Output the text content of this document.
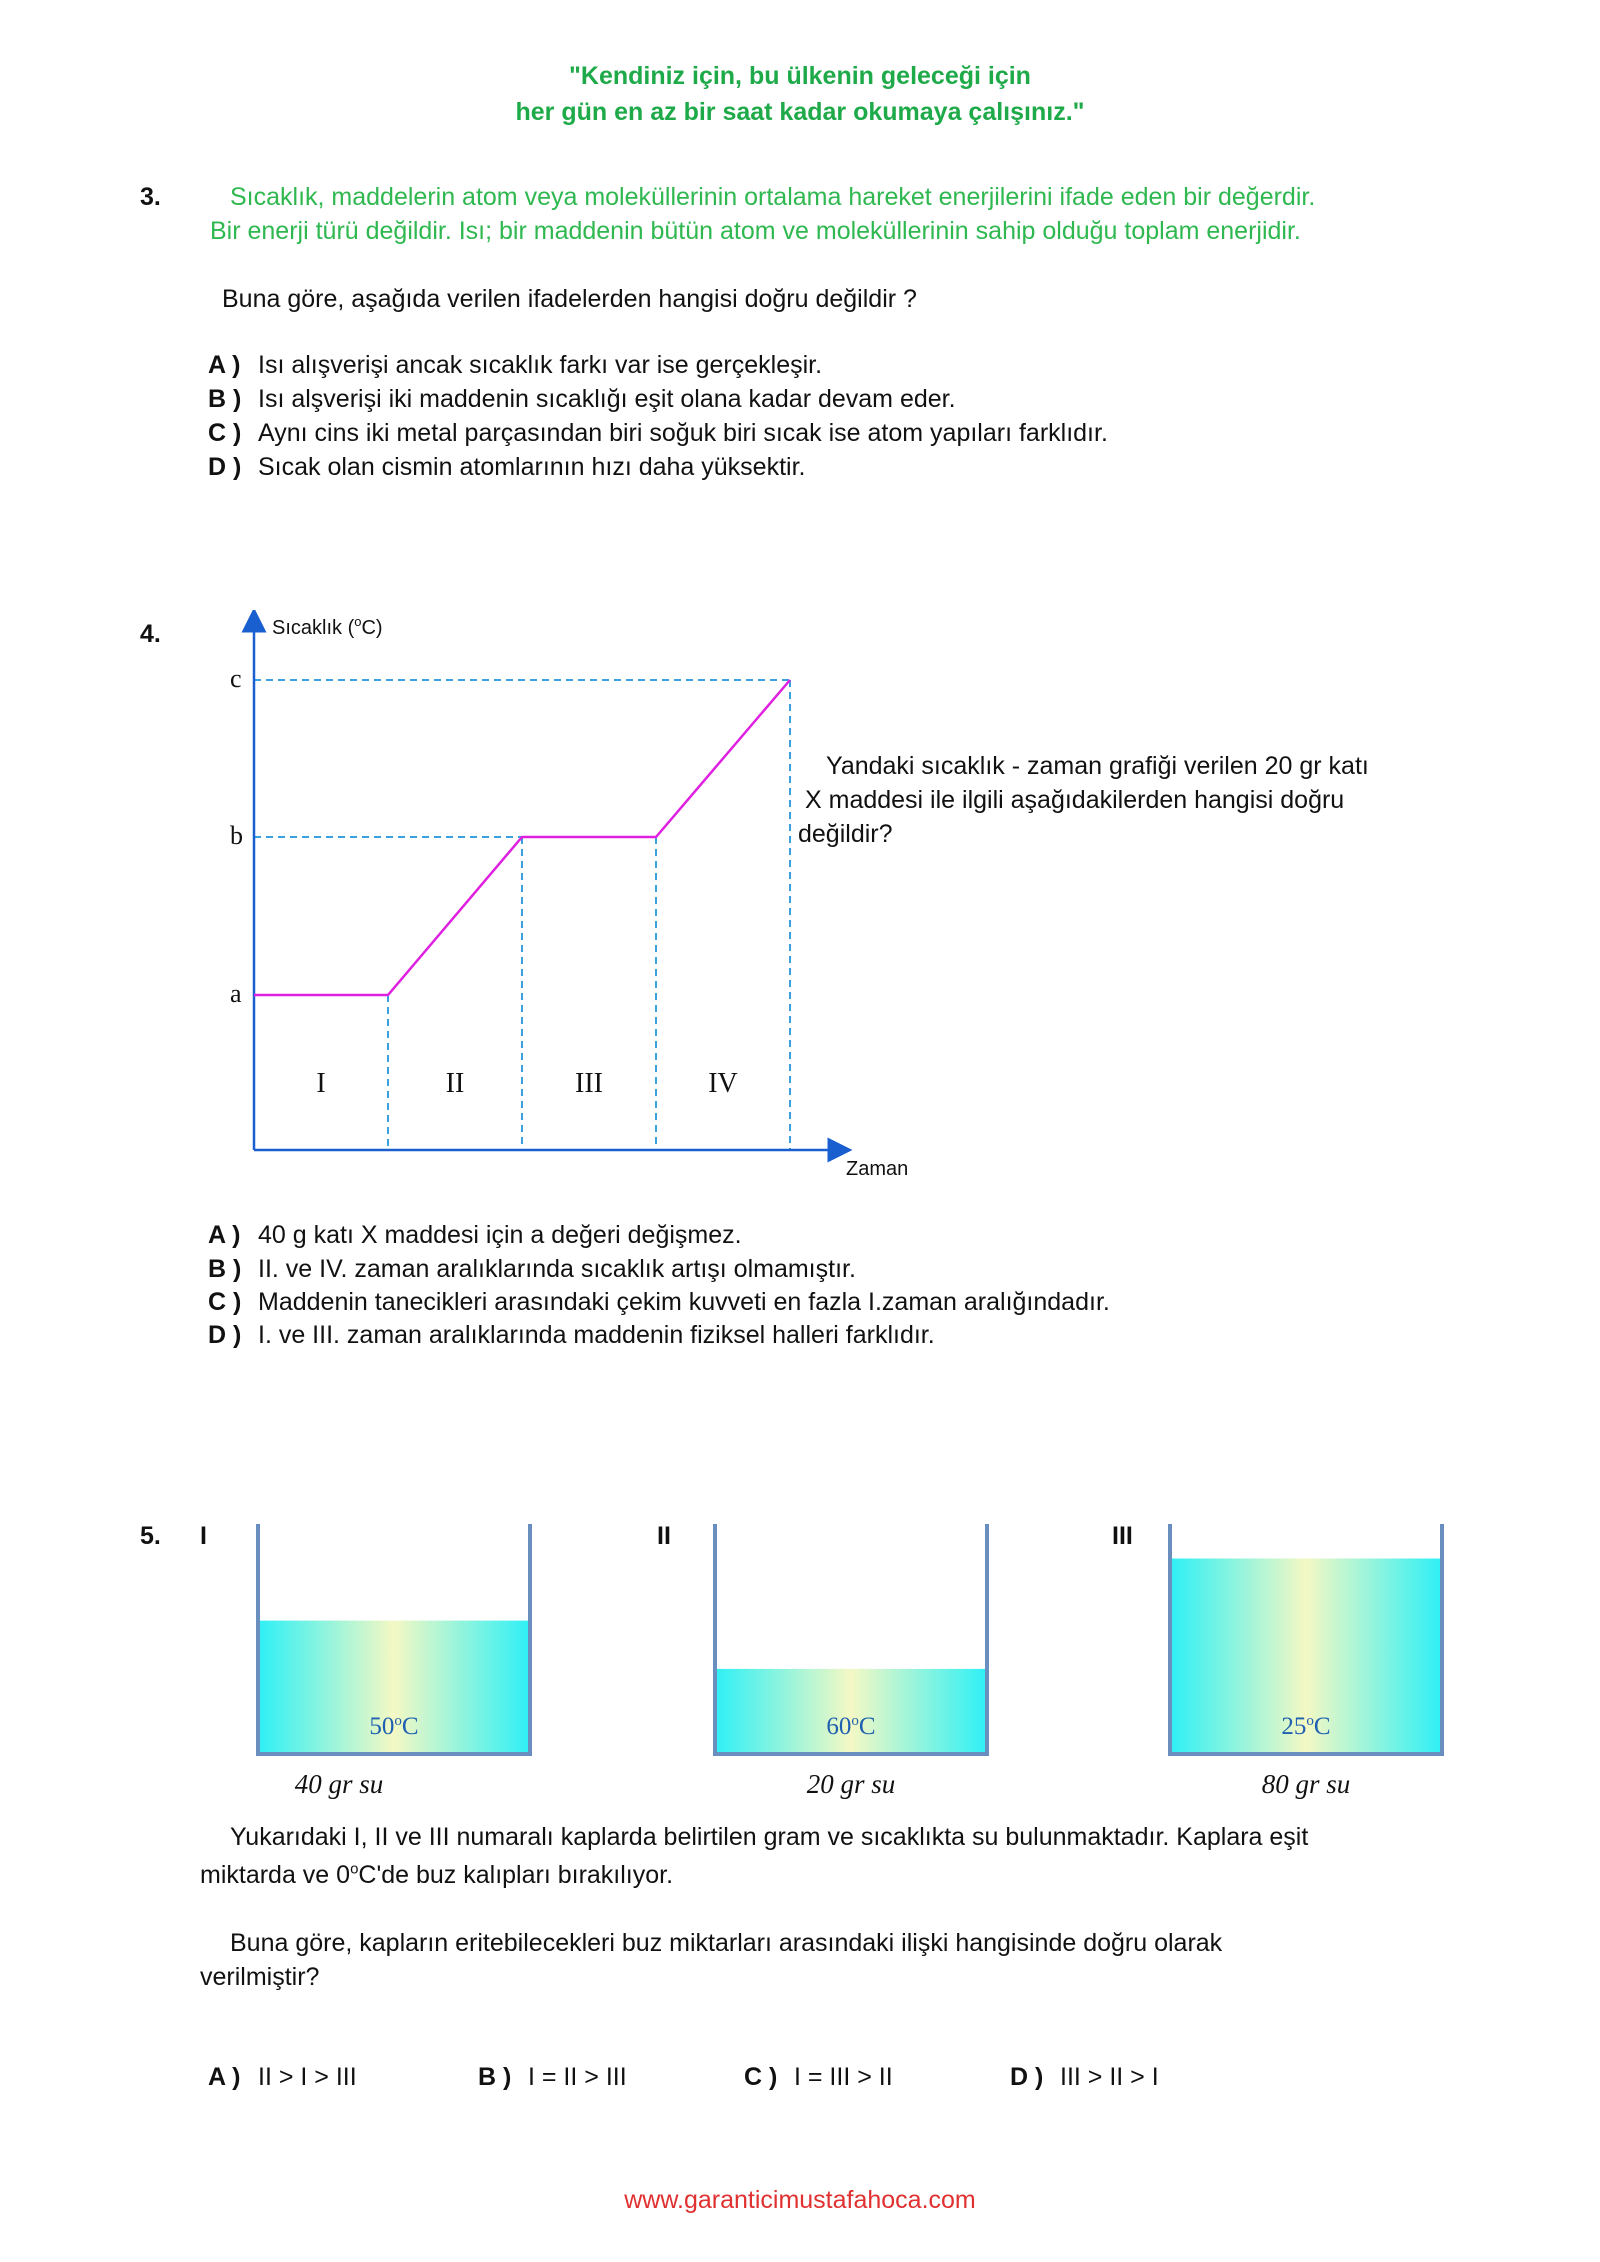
"Kendiniz için, bu ülkenin geleceği için
her gün en az bir saat kadar okumaya çalışınız."
3.	Sıcaklık, maddelerin atom veya moleküllerinin ortalama hareket enerjilerini ifade eden bir değerdir.
Bir enerji türü değildir. Isı; bir maddenin bütün atom ve moleküllerinin sahip olduğu toplam enerjidir.
Buna göre, aşağıda verilen ifadelerden hangisi doğru değildir ?
A ) Isı alışverişi ancak sıcaklık farkı var ise gerçekleşir.
B ) Isı alşverişi iki maddenin sıcaklığı eşit olana kadar devam eder.
C ) Aynı cins iki metal parçasından biri soğuk biri sıcak ise atom yapıları farklıdır.
D ) Sıcak olan cismin atomlarının hızı daha yüksektir.
4.
a
b
c
I	II	III	IV
Sıcaklık ($^o$C)
Zaman
Yandaki sıcaklık - zaman grafiği verilen 20 gr katı
X maddesi ile ilgili aşağıdakilerden hangisi doğru
değildir?
A ) 40 g katı X maddesi için a değeri değişmez.
B ) II. ve IV. zaman aralıklarında sıcaklık artışı olmamıştır.
C ) Maddenin tanecikleri arasındaki çekim kuvveti en fazla I.zaman aralığındadır.
D ) I. ve III. zaman aralıklarında maddenin fiziksel halleri farklıdır.
5. I
50$^o$C
40 gr su
II
60$^o$C
20 gr su
III
25$^o$C
80 gr su
Yukarıdaki I, II ve III numaralı kaplarda belirtilen gram ve sıcaklıkta su bulunmaktadır. Kaplara eşit
miktarda ve 0$^o$C'de buz kalıpları bırakılıyor.
Buna göre, kapların eritebilecekleri buz miktarları arasındaki ilişki hangisinde doğru olarak
verilmiştir?
A ) II > I > III	B ) I = II > III	C ) I = III > II	D ) III > II > I
www.garanticimustafahoca.com
